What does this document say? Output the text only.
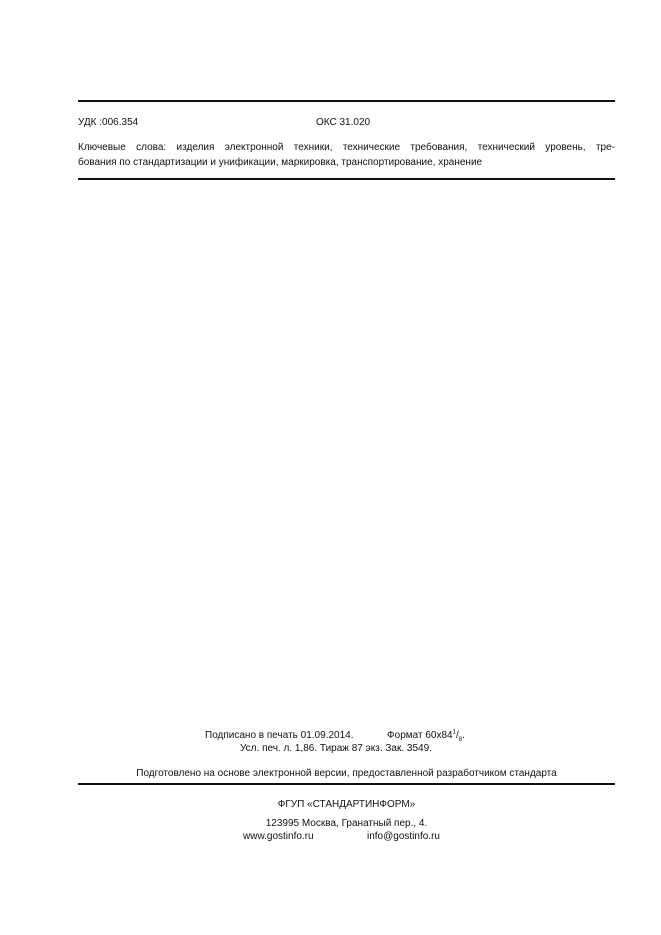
УДК :006.354	ОКС 31.020
Ключевые слова: изделия электронной техники, технические требования, технический уровень, тре-
бования по стандартизации и унификации, маркировка, транспортирование, хранение
Подписано в печать 01.09.2014.	Формат $60x84^1/_8$.
Усл. печ. л. 1,86. Тираж 87 экз. Зак. 3549.
Подготовлено на основе электронной версии, предоставленной разработчиком стандарта
ФГУП «СТАНДАРТИНФОРМ»
123995 Москва, Гранатный пер., 4.
www.gostinfo.ru	info@gostinfo.ru
